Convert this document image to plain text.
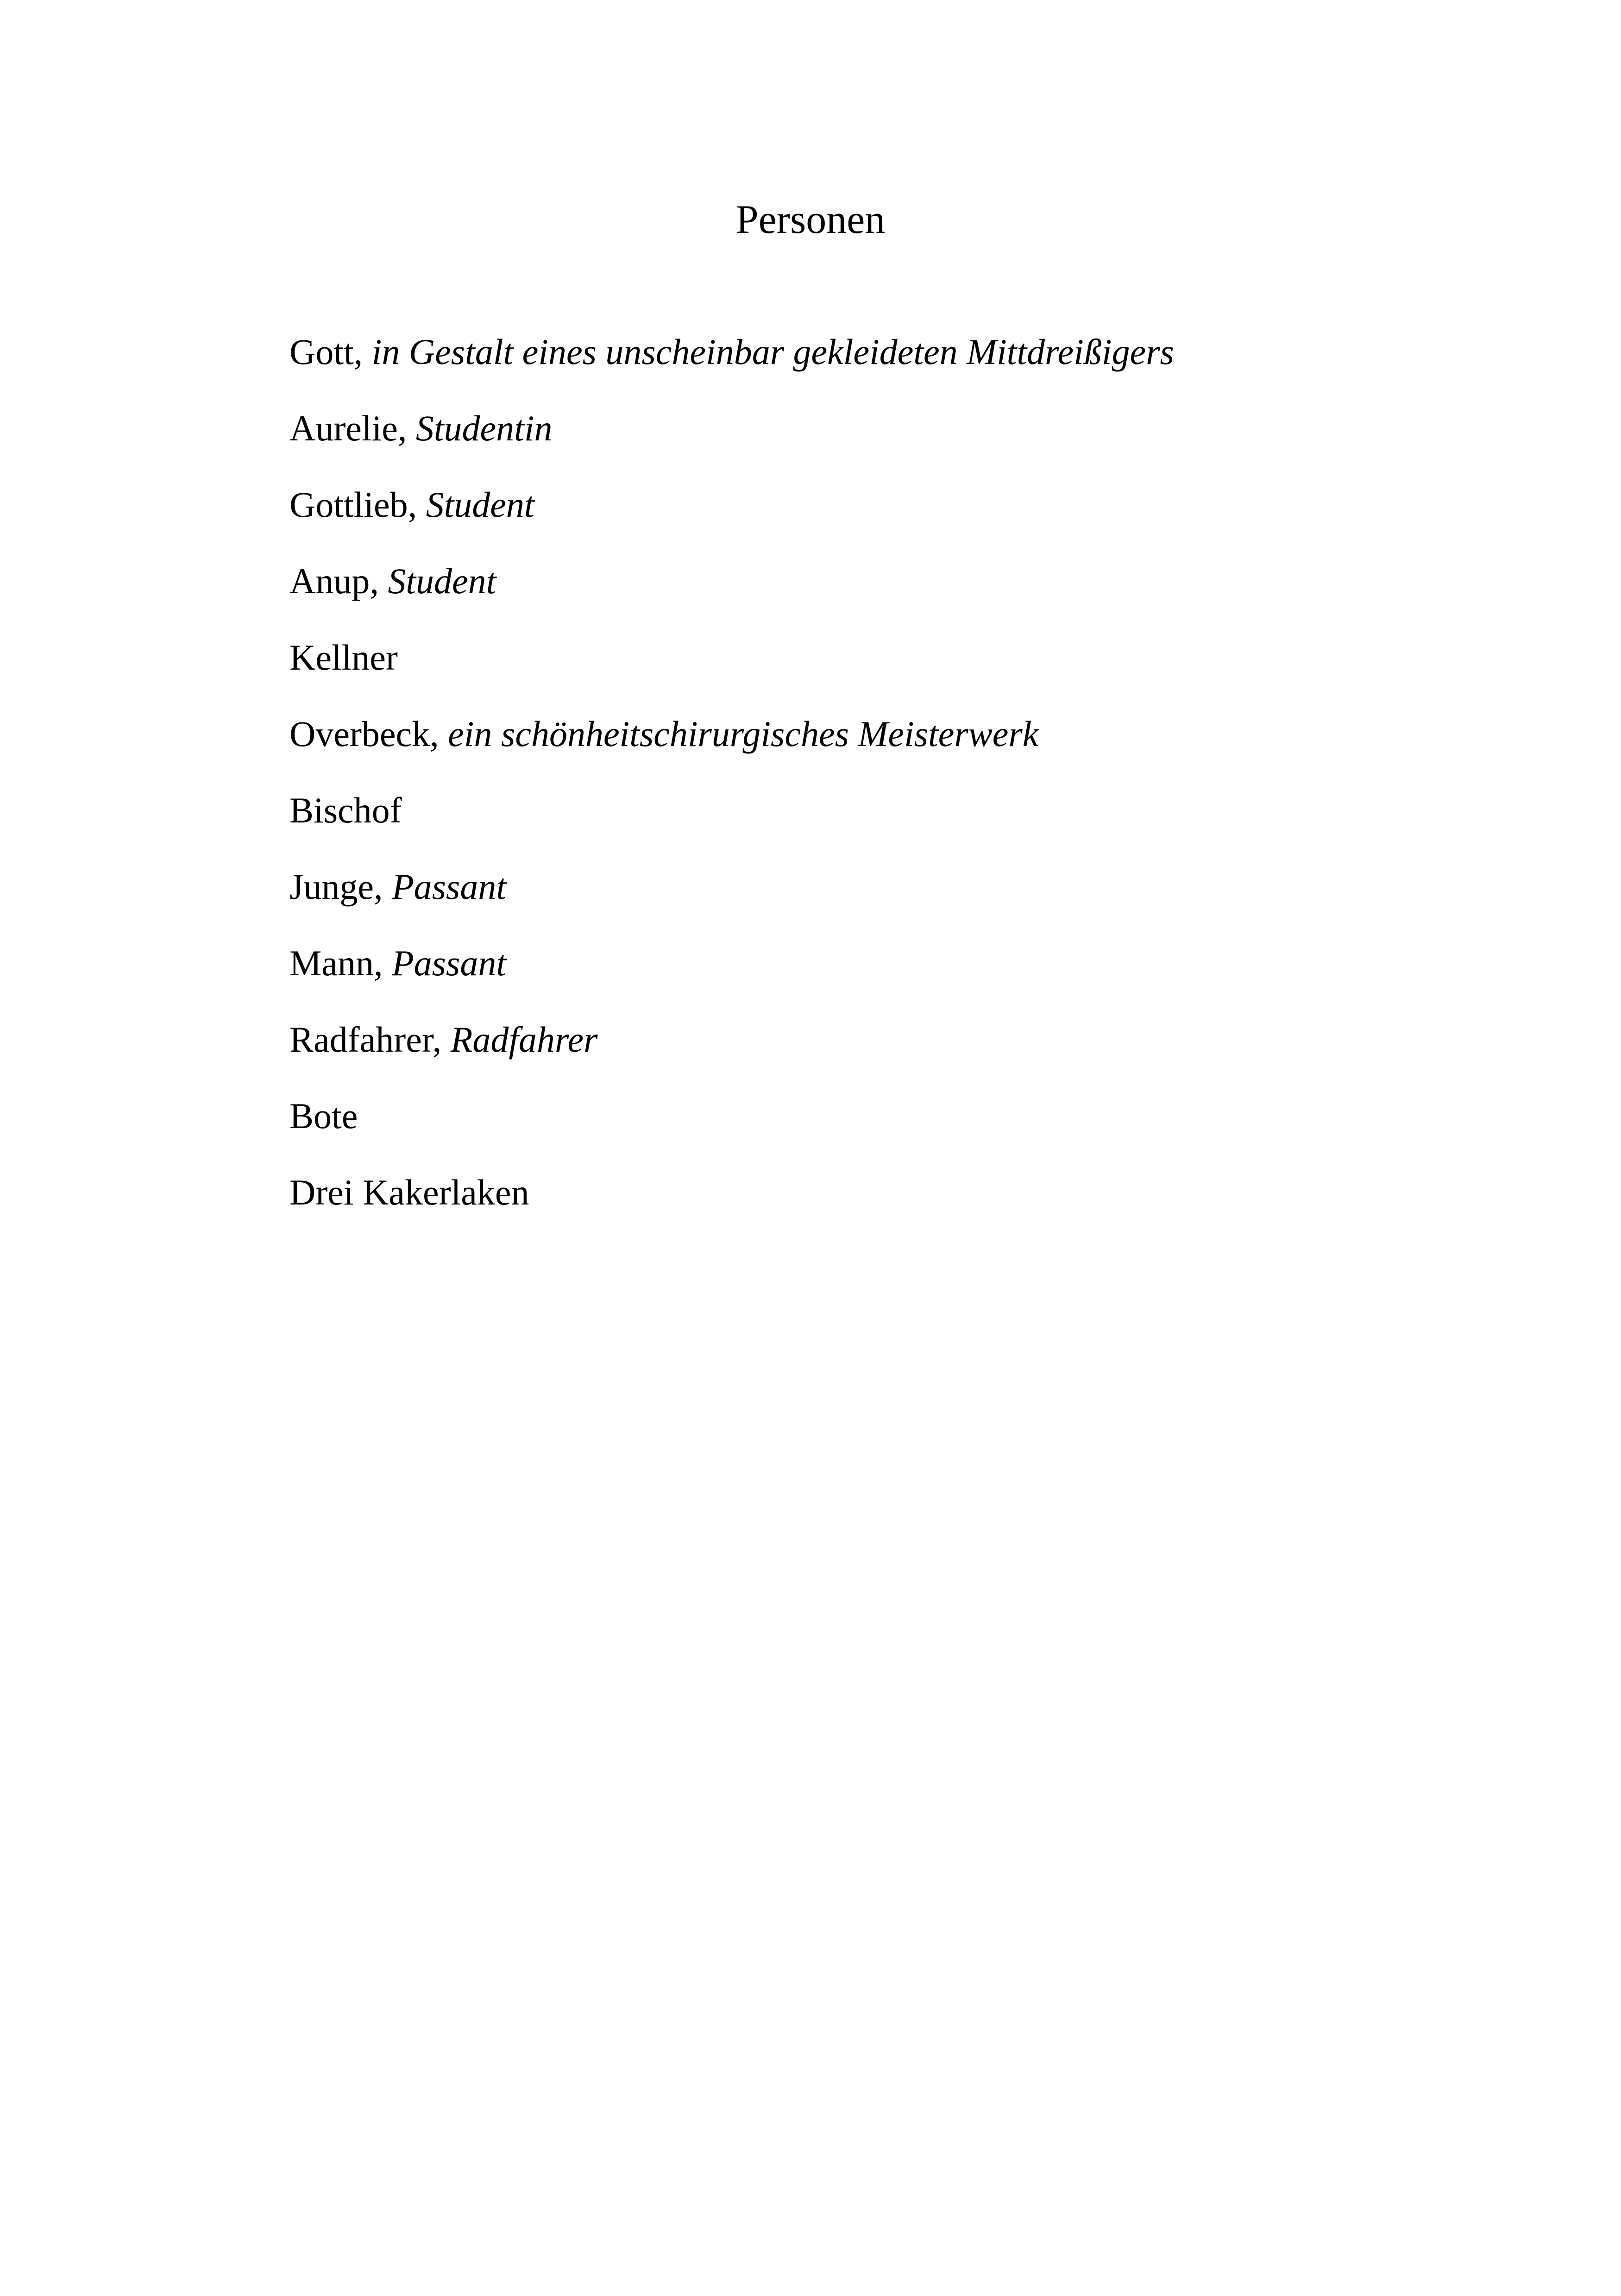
Personen
Gott, in Gestalt eines unscheinbar gekleideten Mittdreißigers
Aurelie, Studentin
Gottlieb, Student
Anup, Student
Kellner
Overbeck, ein schönheitschirurgisches Meisterwerk
Bischof
Junge, Passant
Mann, Passant
Radfahrer, Radfahrer
Bote
Drei Kakerlaken
